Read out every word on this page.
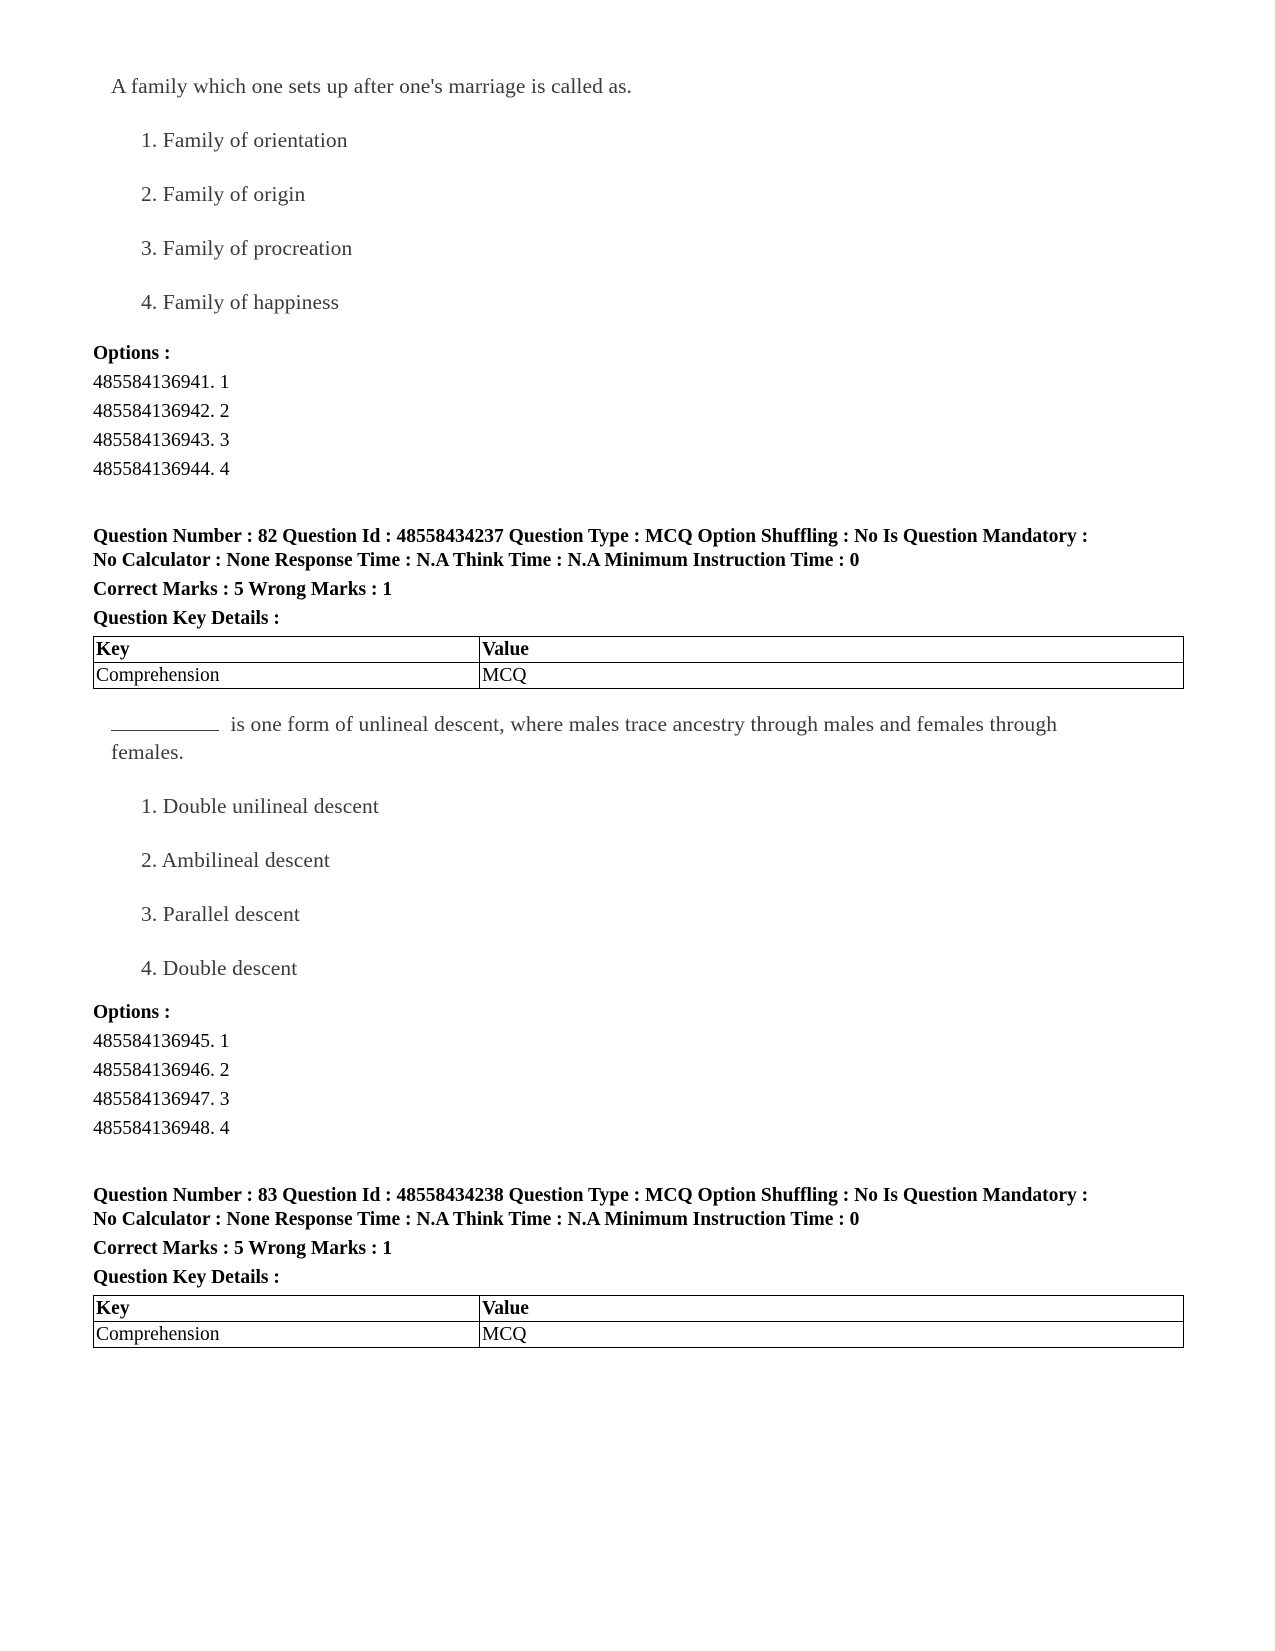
A family which one sets up after one's marriage is called as.
1. Family of orientation
2. Family of origin
3. Family of procreation
4. Family of happiness
Options :
485584136941. 1
485584136942. 2
485584136943. 3
485584136944. 4
Question Number : 82 Question Id : 48558434237 Question Type : MCQ Option Shuffling : No Is Question Mandatory :
No Calculator : None Response Time : N.A Think Time : N.A Minimum Instruction Time : 0
Correct Marks : 5 Wrong Marks : 1
Question Key Details :
Key	Value
Comprehension	MCQ
is one form of unlineal descent, where males trace ancestry through males and females through
females.
1. Double unilineal descent
2. Ambilineal descent
3. Parallel descent
4. Double descent
Options :
485584136945. 1
485584136946. 2
485584136947. 3
485584136948. 4
Question Number : 83 Question Id : 48558434238 Question Type : MCQ Option Shuffling : No Is Question Mandatory :
No Calculator : None Response Time : N.A Think Time : N.A Minimum Instruction Time : 0
Correct Marks : 5 Wrong Marks : 1
Question Key Details :
Key	Value
Comprehension	MCQ
